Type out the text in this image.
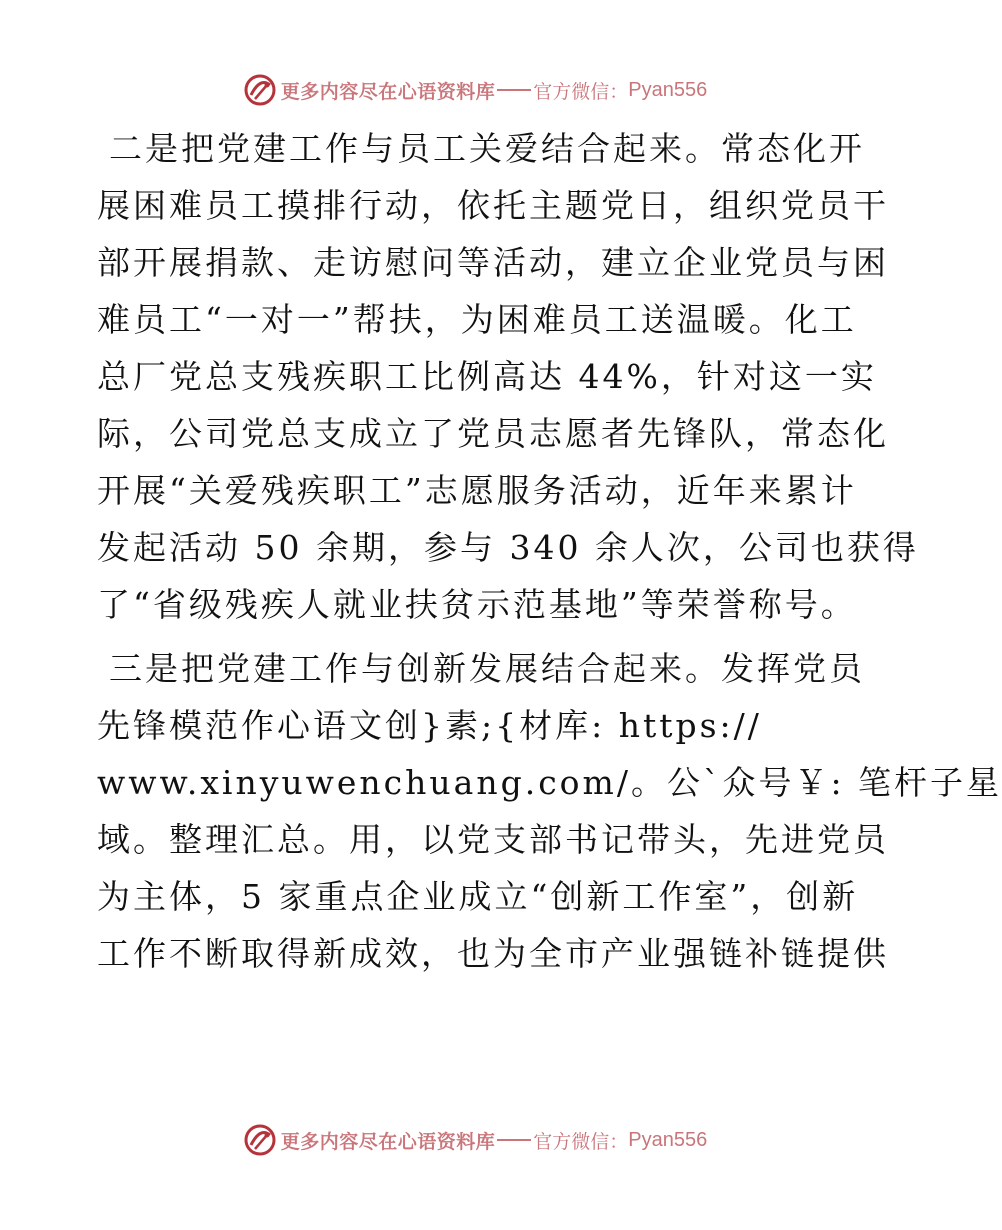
更多内容尽在心语资料库 官方微信： Pyan556
二是把党建工作与员工关爱结合起来。常态化开
展困难员工摸排行动，依托主题党日，组织党员干
部开展捐款、走访慰问等活动，建立企业党员与困
难员工“一对一”帮扶，为困难员工送温暖。化工
总厂党总支残疾职工比例高达 44%，针对这一实
际，公司党总支成立了党员志愿者先锋队，常态化
开展“关爱残疾职工”志愿服务活动，近年来累计
发起活动 50 余期，参与 340 余人次，公司也获得
了“省级残疾人就业扶贫示范基地”等荣誉称号。
三是把党建工作与创新发展结合起来。发挥党员
先锋模范作心语文创}素;{材库: https://
www.xinyuwenchuang.com/。公`众号￥: 笔杆子星
域。整理汇总。用，以党支部书记带头，先进党员
为主体，5 家重点企业成立“创新工作室”，创新
工作不断取得新成效，也为全市产业强链补链提供
更多内容尽在心语资料库 官方微信： Pyan556
